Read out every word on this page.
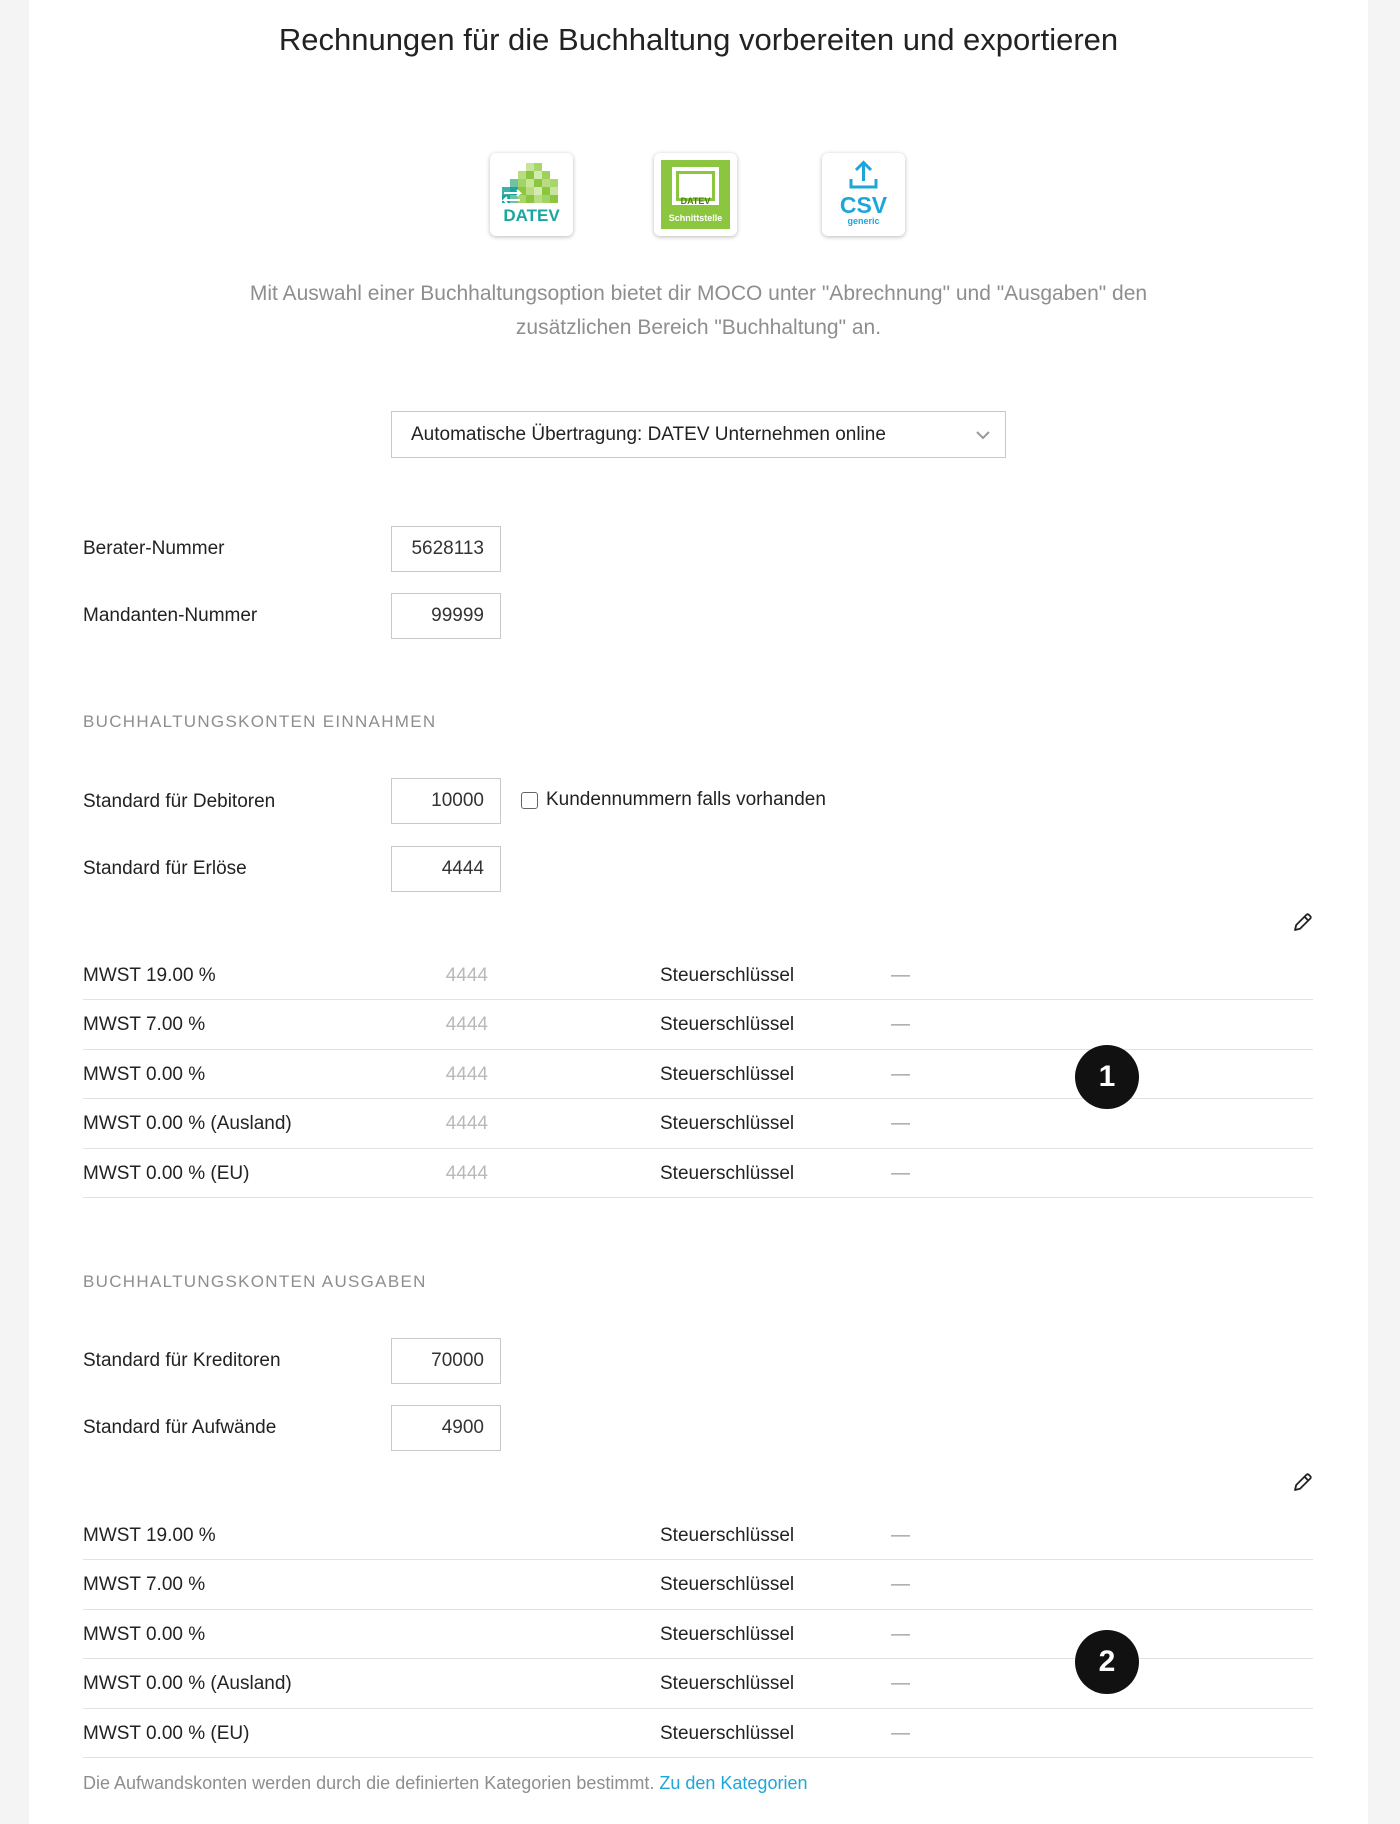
Rechnungen für die Buchhaltung vorbereiten und exportieren
DATEV
DATEV
Schnittstelle	CSV
generic

Mit Auswahl einer Buchhaltungsoption bietet dir MOCO unter "Abrechnung" und "Ausgaben" den
zusätzlichen Bereich "Buchhaltung" an.

Automatische Übertragung: DATEV Unternehmen online
Berater-Nummer
5628113
Mandanten-Nummer
99999
BUCHHALTUNGSKONTEN EINNAHMEN
Standard für Debitoren
10000	Kundennummern falls vorhanden
Standard für Erlöse
4444
MWST 19.00 %	4444	Steuerschlüssel	—
MWST 7.00 %	4444	Steuerschlüssel	—
MWST 0.00 %	4444	Steuerschlüssel	—
MWST 0.00 % (Ausland)	4444	Steuerschlüssel	—
MWST 0.00 % (EU)	4444	Steuerschlüssel	—
1
BUCHHALTUNGSKONTEN AUSGABEN
Standard für Kreditoren
70000
Standard für Aufwände
4900
MWST 19.00 %	Steuerschlüssel	—
MWST 7.00 %	Steuerschlüssel	—
MWST 0.00 %	Steuerschlüssel	—
MWST 0.00 % (Ausland)	Steuerschlüssel	—
MWST 0.00 % (EU)	Steuerschlüssel	—
2

Die Aufwandskonten werden durch die definierten Kategorien bestimmt. Zu den Kategorien
